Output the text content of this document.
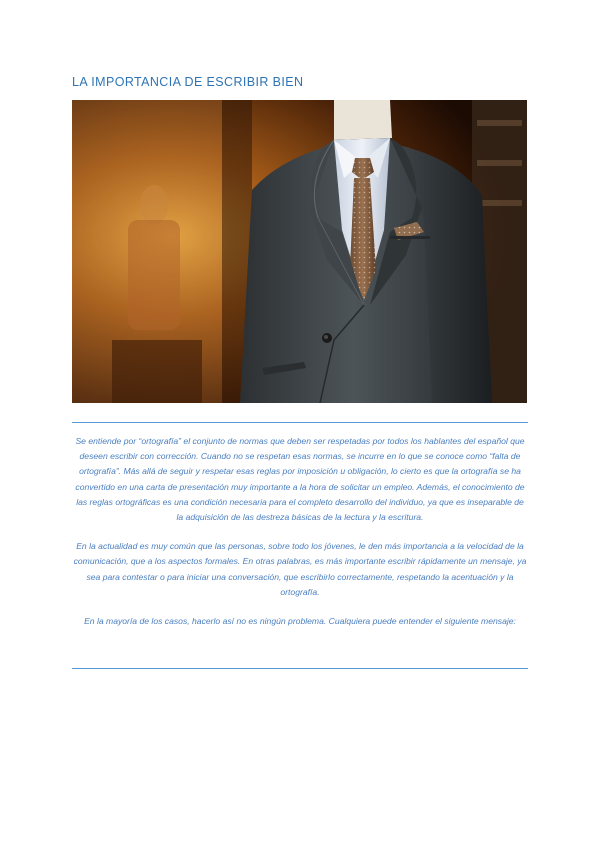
LA IMPORTANCIA DE ESCRIBIR BIEN

Se entiende por “ortografía” el conjunto de normas que deben ser respetadas por todos los hablantes del español que deseen escribir con corrección. Cuando no se respetan esas normas, se incurre en lo que se conoce como “falta de ortografía”. Más allá de seguir y respetar esas reglas por imposición u obligación, lo cierto es que la ortografía se ha convertido en una carta de presentación muy importante a la hora de solicitar un empleo. Además, el conocimiento de las reglas ortográficas es una condición necesaria para el completo desarrollo del individuo, ya que es inseparable de la adquisición de las destreza básicas de la lectura y la escritura.

En la actualidad es muy común que las personas, sobre todo los jóvenes, le den más importancia a la velocidad de la comunicación, que a los aspectos formales. En otras palabras, es más importante escribir rápidamente un mensaje, ya sea para contestar o para iniciar una conversación, que escribirlo correctamente, respetando la acentuación y la ortografía.

En la mayoría de los casos, hacerlo así no es ningún problema. Cualquiera puede entender el siguiente mensaje:
